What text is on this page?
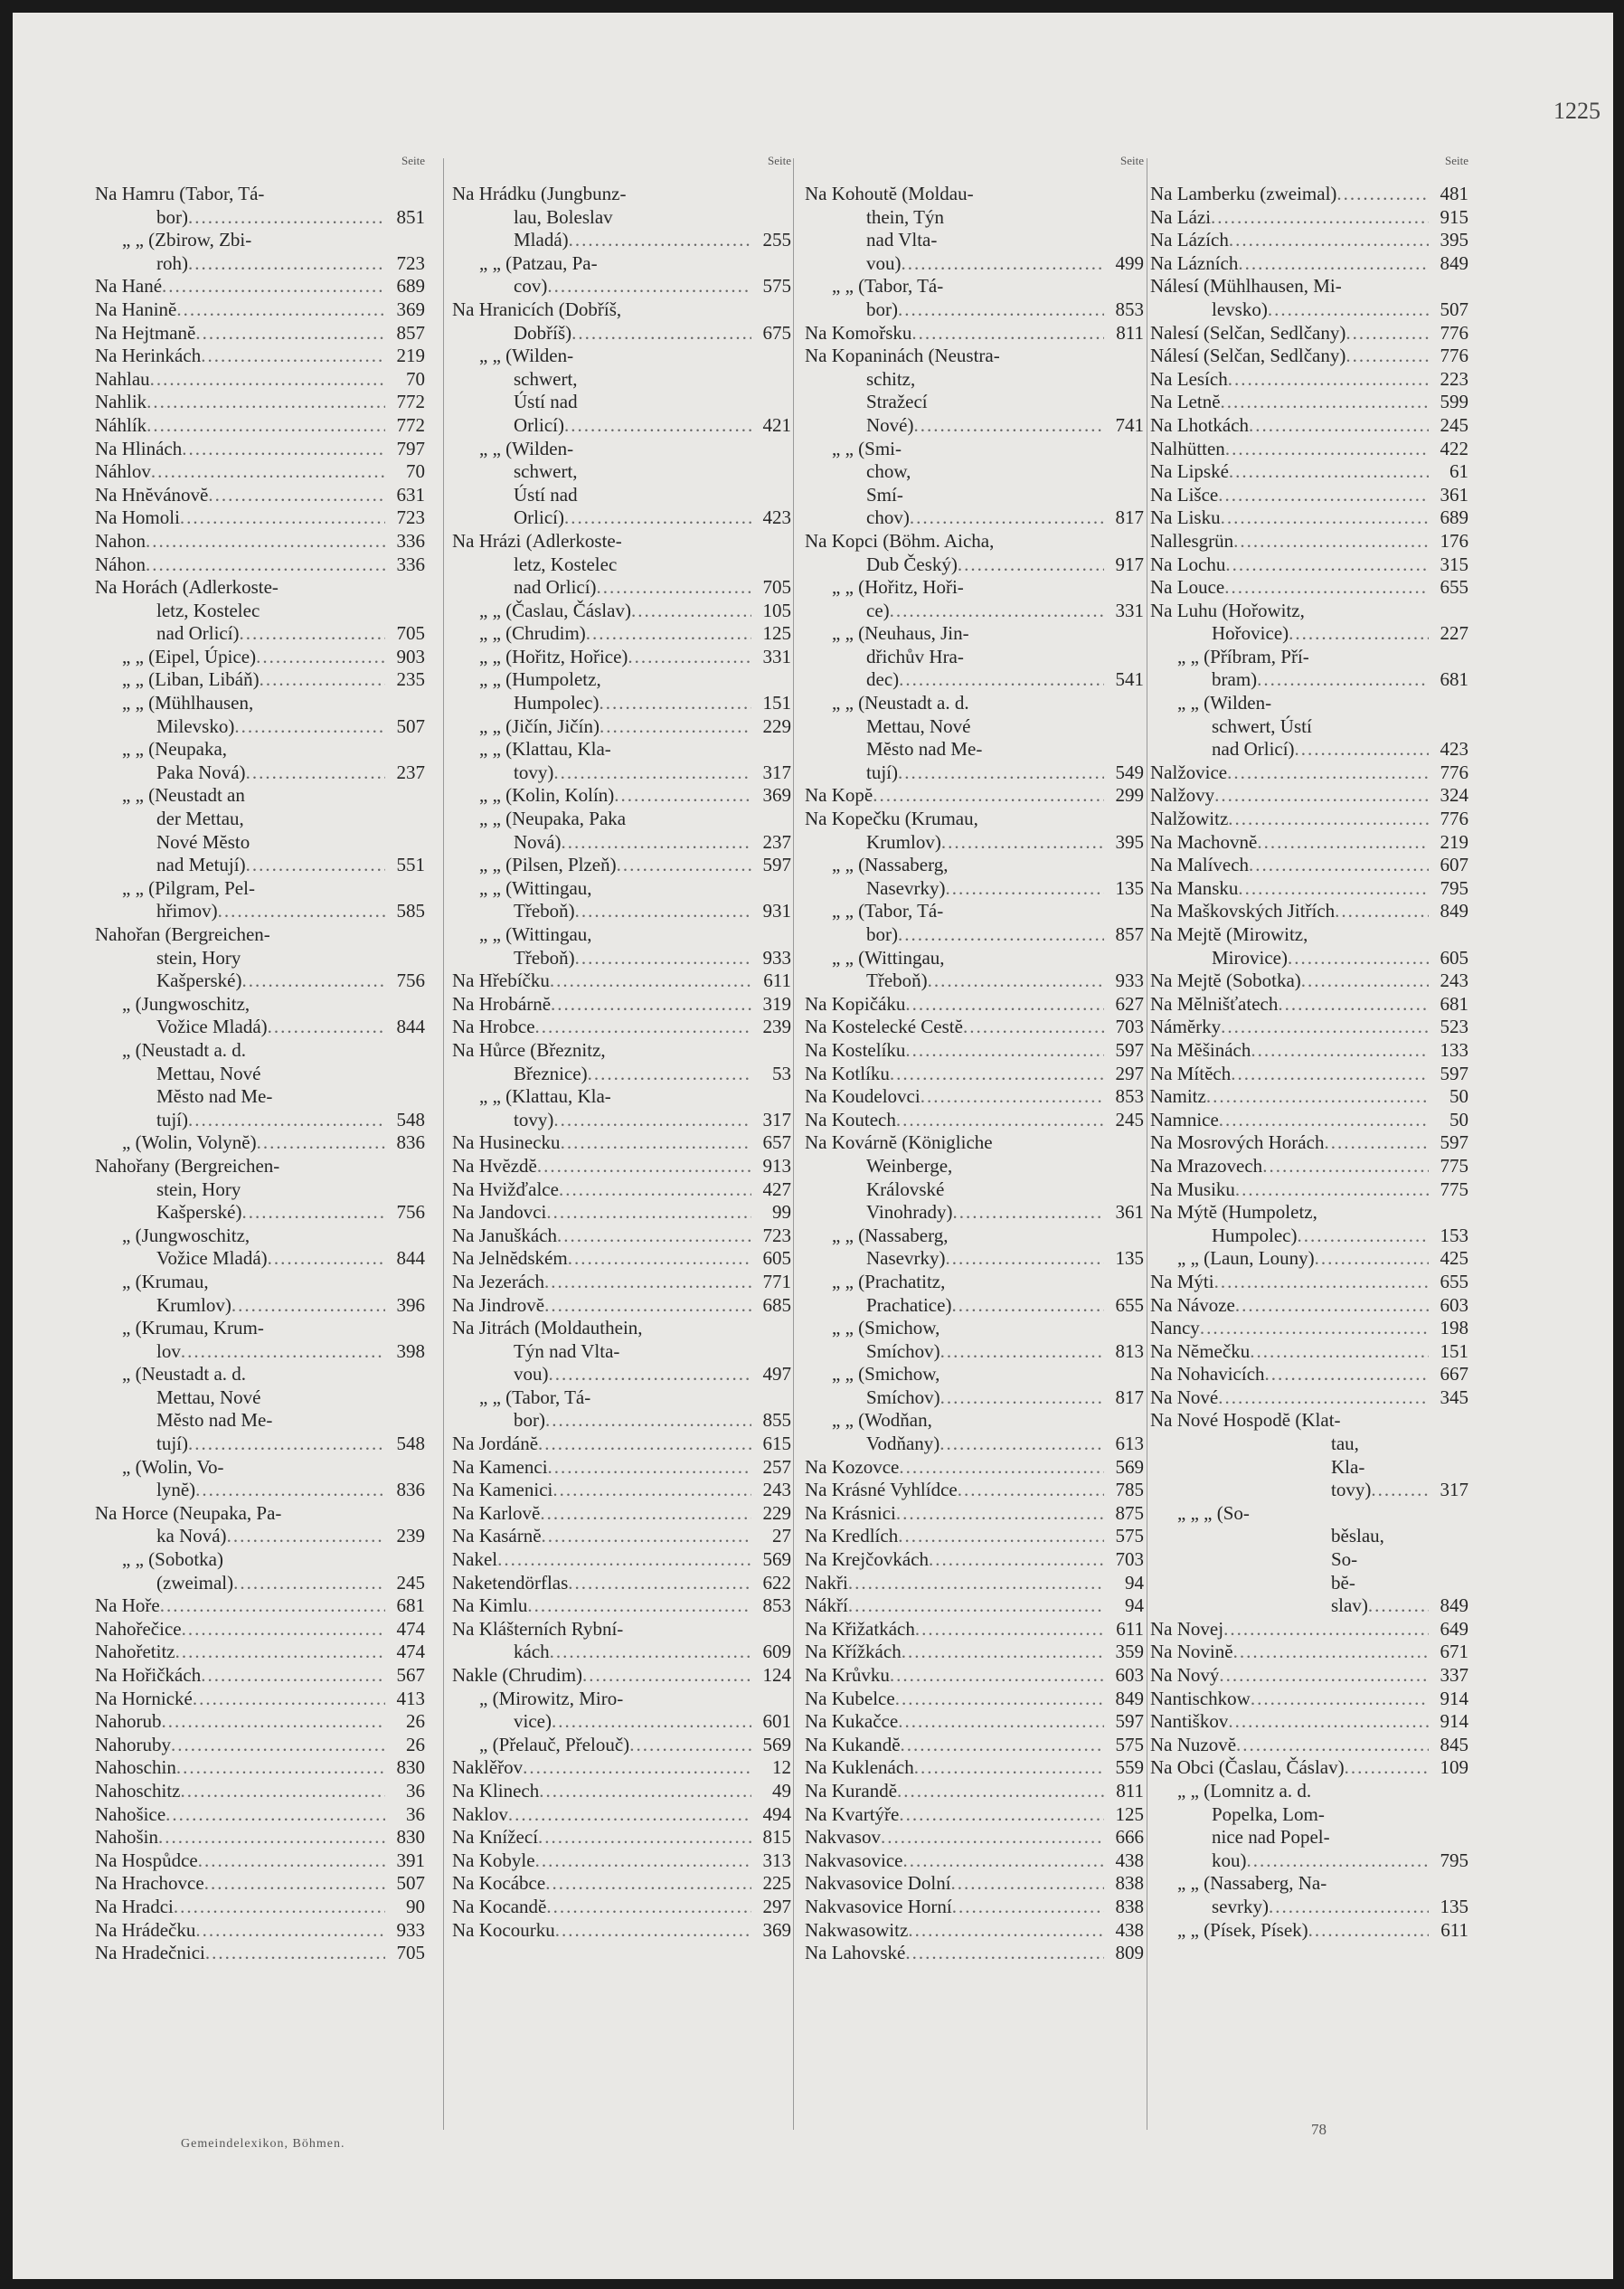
1225
Seite
Na Hamru (Tabor, Tá-
bor) .....	851
„ „ (Zbirow, Zbi-
roh) .....	723
Na Hané .....	689
Na Haninĕ .....	369
Na Hejtmanĕ .....	857
Na Herinkách .....	219
Nahlau .....	70
Nahlik .....	772
Náhlík .....	772
Na Hlinách .....	797
Náhlov .....	70
Na Hnĕvánovĕ .....	631
Na Homoli .....	723
Nahon .....	336
Náhon .....	336
Na Horách (Adlerkoste-
letz, Kostelec
nad Orlicí) .....	705
„ „ (Eipel, Úpice) .....	903
„ „ (Liban, Libáň) .....	235
„ „ (Mühlhausen,
Milevsko) .....	507
„ „ (Neupaka,
Paka Nová) .....	237
„ „ (Neustadt an
der Mettau,
Nové Mĕsto
nad Metují) .....	551
„ „ (Pilgram, Pel-
hřimov) .....	585
Nahořan (Bergreichen-
stein, Hory
Kašperské) .....	756
„ (Jungwoschitz,
Vožice Mladá) .....	844
„ (Neustadt a. d.
Mettau, Nové
Mĕsto nad Me-
tují) .....	548
„ (Wolin, Volynĕ) .....	836
Nahořany (Bergreichen-
stein, Hory
Kašperské) .....	756
„ (Jungwoschitz,
Vožice Mladá) .....	844
„ (Krumau,
Krumlov) .....	396
„ (Krumau, Krum-
lov .....	398
„ (Neustadt a. d.
Mettau, Nové
Mĕsto nad Me-
tují) .....	548
„ (Wolin, Vo-
lynĕ) .....	836
Na Horce (Neupaka, Pa-
ka Nová) .....	239
„ „ (Sobotka)
(zweimal) .....	245
Na Hoře .....	681
Nahořečice .....	474
Nahořetitz .....	474
Na Hořičkách .....	567
Na Hornické .....	413
Nahorub .....	26
Nahoruby .....	26
Nahoschin .....	830
Nahoschitz .....	36
Nahošice .....	36
Nahošin .....	830
Na Hospůdce .....	391
Na Hrachovce .....	507
Na Hradci .....	90
Na Hrádečku .....	933
Na Hradečnici .....	705
Seite
Na Hrádku (Jungbunz-
lau, Boleslav
Mladá) .....	255
„ „ (Patzau, Pa-
cov) .....	575
Na Hranicích (Dobříš,
Dobříš) .....	675
„ „ (Wilden-
schwert,
Ústí nad
Orlicí) .....	421
„ „ (Wilden-
schwert,
Ústí nad
Orlicí) .....	423
Na Hrázi (Adlerkoste-
letz, Kostelec
nad Orlicí) .....	705
„ „ (Časlau, Čáslav) .....	105
„ „ (Chrudim) .....	125
„ „ (Hořitz, Hořice) .....	331
„ „ (Humpoletz,
Humpolec) .....	151
„ „ (Jičín, Jičín) .....	229
„ „ (Klattau, Kla-
tovy) .....	317
„ „ (Kolin, Kolín) .....	369
„ „ (Neupaka, Paka
Nová) .....	237
„ „ (Pilsen, Plzeň) .....	597
„ „ (Wittingau,
Třeboň) .....	931
„ „ (Wittingau,
Třeboň) .....	933
Na Hřebíčku .....	611
Na Hrobárnĕ .....	319
Na Hrobce .....	239
Na Hůrce (Březnitz,
Březnice) .....	53
„ „ (Klattau, Kla-
tovy) .....	317
Na Husinecku .....	657
Na Hvĕzdĕ .....	913
Na Hvižďalce .....	427
Na Jandovci .....	99
Na Januškách .....	723
Na Jelnĕdském .....	605
Na Jezerách .....	771
Na Jindrovĕ .....	685
Na Jitrách (Moldauthein,
Týn nad Vlta-
vou) .....	497
„ „ (Tabor, Tá-
bor) .....	855
Na Jordánĕ .....	615
Na Kamenci .....	257
Na Kamenici .....	243
Na Karlovĕ .....	229
Na Kasárnĕ .....	27
Nakel .....	569
Naketendörflas .....	622
Na Kimlu .....	853
Na Klášterních Rybní-
kách .....	609
Nakle (Chrudim) .....	124
„ (Mirowitz, Miro-
vice) .....	601
„ (Přelauč, Přelouč) .....	569
Naklěřov .....	12
Na Klinech .....	49
Naklov .....	494
Na Knížecí .....	815
Na Kobyle .....	313
Na Kocábce .....	225
Na Kocandĕ .....	297
Na Kocourku .....	369
Seite
Na Kohoutĕ (Moldau-
thein, Týn
nad Vlta-
vou) .....	499
„ „ (Tabor, Tá-
bor) .....	853
Na Komořsku .....	811
Na Kopaninách (Neustra-
schitz,
Stražecí
Nové) .....	741
„ „ (Smi-
chow,
Smí-
chov) .....	817
Na Kopci (Böhm. Aicha,
Dub Český) .....	917
„ „ (Hořitz, Hoři-
ce) .....	331
„ „ (Neuhaus, Jin-
dřichův Hra-
dec) .....	541
„ „ (Neustadt a. d.
Mettau, Nové
Mĕsto nad Me-
tují) .....	549
Na Kopĕ .....	299
Na Kopečku (Krumau,
Krumlov) .....	395
„ „ (Nassaberg,
Nasevrky) .....	135
„ „ (Tabor, Tá-
bor) .....	857
„ „ (Wittingau,
Třeboň) .....	933
Na Kopičáku .....	627
Na Kostelecké Cestĕ .....	703
Na Kostelíku .....	597
Na Kotlíku .....	297
Na Koudelovci .....	853
Na Koutech .....	245
Na Kovárnĕ (Königliche
Weinberge,
Královské
Vinohrady) .....	361
„ „ (Nassaberg,
Nasevrky) .....	135
„ „ (Prachatitz,
Prachatice) .....	655
„ „ (Smichow,
Smíchov) .....	813
„ „ (Smichow,
Smíchov) .....	817
„ „ (Wodňan,
Vodňany) .....	613
Na Kozovce .....	569
Na Krásné Vyhlídce .....	785
Na Krásnici .....	875
Na Kredlích .....	575
Na Krejčovkách .....	703
Nakři .....	94
Nákří .....	94
Na Křižatkách .....	611
Na Křížkách .....	359
Na Krůvku .....	603
Na Kubelce .....	849
Na Kukačce .....	597
Na Kukandĕ .....	575
Na Kuklenách .....	559
Na Kurandĕ .....	811
Na Kvartýře .....	125
Nakvasov .....	666
Nakvasovice .....	438
Nakvasovice Dolní .....	838
Nakvasovice Horní .....	838
Nakwasowitz .....	438
Na Lahovské .....	809
Seite
Na Lamberku (zweimal) .....	481
Na Lázi .....	915
Na Lázích .....	395
Na Lázních .....	849
Nálesí (Mühlhausen, Mi-
levsko) .....	507
Nalesí (Selčan, Sedlčany) .....	776
Nálesí (Selčan, Sedlčany) .....	776
Na Lesích .....	223
Na Letnĕ .....	599
Na Lhotkách .....	245
Nalhütten .....	422
Na Lipské .....	61
Na Lišce .....	361
Na Lisku .....	689
Nallesgrün .....	176
Na Lochu .....	315
Na Louce .....	655
Na Luhu (Hořowitz,
Hořovice) .....	227
„ „ (Příbram, Pří-
bram) .....	681
„ „ (Wilden-
schwert, Ústí
nad Orlicí) .....	423
Nalžovice .....	776
Nalžovy .....	324
Nalžowitz .....	776
Na Machovnĕ .....	219
Na Malívech .....	607
Na Mansku .....	795
Na Maškovských Jitřích .....	849
Na Mejtĕ (Mirowitz,
Mirovice) .....	605
Na Mejtĕ (Sobotka) .....	243
Na Mĕlnišťatech .....	681
Námĕrky .....	523
Na Mĕšinách .....	133
Na Mítĕch .....	597
Namitz .....	50
Namnice .....	50
Na Mosrových Horách .....	597
Na Mrazovech .....	775
Na Musiku .....	775
Na Mýtĕ (Humpoletz,
Humpolec) .....	153
„ „ (Laun, Louny) .....	425
Na Mýti .....	655
Na Návoze .....	603
Nancy .....	198
Na Nĕmečku .....	151
Na Nohavicích .....	667
Na Nové .....	345
Na Nové Hospodĕ (Klat-
tau,
Kla-
tovy) .....	317
„ „ „ (So-
běslau,
So-
bĕ-
slav) .....	849
Na Novej .....	649
Na Novinĕ .....	671
Na Nový .....	337
Nantischkow .....	914
Nantiškov .....	914
Na Nuzovĕ .....	845
Na Obci (Časlau, Čáslav) .....	109
„ „ (Lomnitz a. d.
Popelka, Lom-
nice nad Popel-
kou) .....	795
„ „ (Nassaberg, Na-
sevrky) .....	135
„ „ (Písek, Písek) .....	611
Gemeindelexikon, Böhmen.
78
